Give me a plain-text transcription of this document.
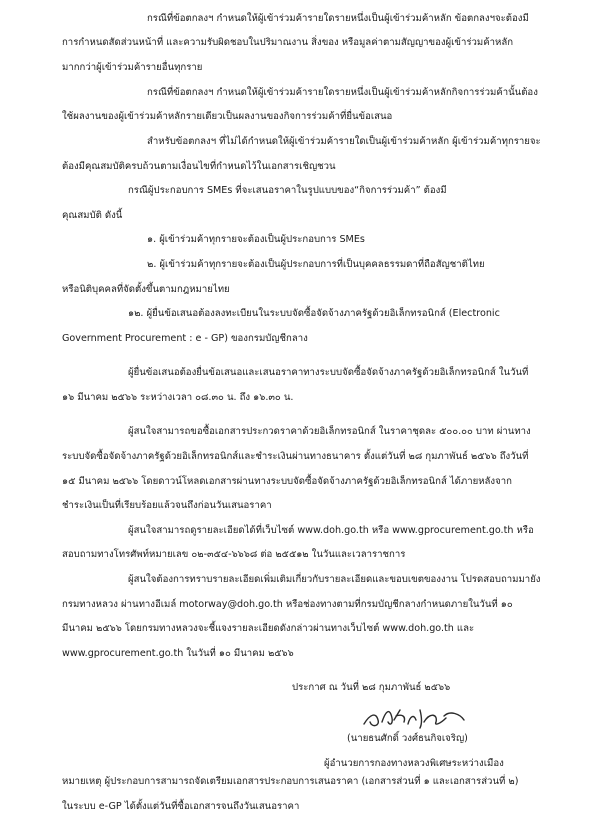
กรณีที่ข้อตกลงฯ กำหนดให้ผู้เข้าร่วมค้ารายใดรายหนึ่งเป็นผู้เข้าร่วมค้าหลัก ข้อตกลงฯจะต้องมี
การกำหนดสัดส่วนหน้าที่ และความรับผิดชอบในปริมาณงาน สิ่งของ หรือมูลค่าตามสัญญาของผู้เข้าร่วมค้าหลัก
มากกว่าผู้เข้าร่วมค้ารายอื่นทุกราย
กรณีที่ข้อตกลงฯ กำหนดให้ผู้เข้าร่วมค้ารายใดรายหนึ่งเป็นผู้เข้าร่วมค้าหลักกิจการร่วมค้านั้นต้อง
ใช้ผลงานของผู้เข้าร่วมค้าหลักรายเดียวเป็นผลงานของกิจการร่วมค้าที่ยื่นข้อเสนอ
สำหรับข้อตกลงฯ ที่ไม่ได้กำหนดให้ผู้เข้าร่วมค้ารายใดเป็นผู้เข้าร่วมค้าหลัก ผู้เข้าร่วมค้าทุกรายจะ
ต้องมีคุณสมบัติครบถ้วนตามเงื่อนไขที่กำหนดไว้ในเอกสารเชิญชวน
กรณีผู้ประกอบการ SMEs ที่จะเสนอราคาในรูปแบบของ“กิจการร่วมค้า” ต้องมี
คุณสมบัติ ดังนี้
๑. ผู้เข้าร่วมค้าทุกรายจะต้องเป็นผู้ประกอบการ SMEs
๒. ผู้เข้าร่วมค้าทุกรายจะต้องเป็นผู้ประกอบการที่เป็นบุคคลธรรมดาที่ถือสัญชาติไทย
หรือนิติบุคคลที่จัดตั้งขึ้นตามกฎหมายไทย
๑๒. ผู้ยื่นข้อเสนอต้องลงทะเบียนในระบบจัดซื้อจัดจ้างภาครัฐด้วยอิเล็กทรอนิกส์ (Electronic
Government Procurement : e - GP) ของกรมบัญชีกลาง
ผู้ยื่นข้อเสนอต้องยื่นข้อเสนอและเสนอราคาทางระบบจัดซื้อจัดจ้างภาครัฐด้วยอิเล็กทรอนิกส์ ในวันที่
๑๖ มีนาคม ๒๕๖๖ ระหว่างเวลา ๐๘.๓๐ น. ถึง ๑๖.๓๐ น.
ผู้สนใจสามารถขอซื้อเอกสารประกวดราคาด้วยอิเล็กทรอนิกส์ ในราคาชุดละ ๕๐๐.๐๐ บาท ผ่านทาง
ระบบจัดซื้อจัดจ้างภาครัฐด้วยอิเล็กทรอนิกส์และชำระเงินผ่านทางธนาคาร ตั้งแต่วันที่ ๒๘ กุมภาพันธ์ ๒๕๖๖ ถึงวันที่
๑๕ มีนาคม ๒๕๖๖ โดยดาวน์โหลดเอกสารผ่านทางระบบจัดซื้อจัดจ้างภาครัฐด้วยอิเล็กทรอนิกส์ ได้ภายหลังจาก
ชำระเงินเป็นที่เรียบร้อยแล้วจนถึงก่อนวันเสนอราคา
ผู้สนใจสามารถดูรายละเอียดได้ที่เว็บไซต์ www.doh.go.th หรือ www.gprocurement.go.th หรือ
สอบถามทางโทรศัพท์หมายเลข ๐๒-๓๕๔-๖๖๖๘ ต่อ ๒๕๕๑๒ ในวันและเวลาราชการ
ผู้สนใจต้องการทราบรายละเอียดเพิ่มเติมเกี่ยวกับรายละเอียดและขอบเขตของงาน โปรดสอบถามมายัง
กรมทางหลวง ผ่านทางอีเมล์ motorway@doh.go.th หรือช่องทางตามที่กรมบัญชีกลางกำหนดภายในวันที่ ๑๐
มีนาคม ๒๕๖๖ โดยกรมทางหลวงจะชี้แจงรายละเอียดดังกล่าวผ่านทางเว็บไซต์ www.doh.go.th และ
www.gprocurement.go.th ในวันที่ ๑๐ มีนาคม ๒๕๖๖
ประกาศ ณ วันที่ ๒๘ กุมภาพันธ์ ๒๕๖๖
(นายธนศักดิ์ วงศ์ธนกิจเจริญ)
ผู้อำนวยการกองทางหลวงพิเศษระหว่างเมือง
หมายเหตุ ผู้ประกอบการสามารถจัดเตรียมเอกสารประกอบการเสนอราคา (เอกสารส่วนที่ ๑ และเอกสารส่วนที่ ๒)
ในระบบ e-GP ได้ตั้งแต่วันที่ซื้อเอกสารจนถึงวันเสนอราคา
